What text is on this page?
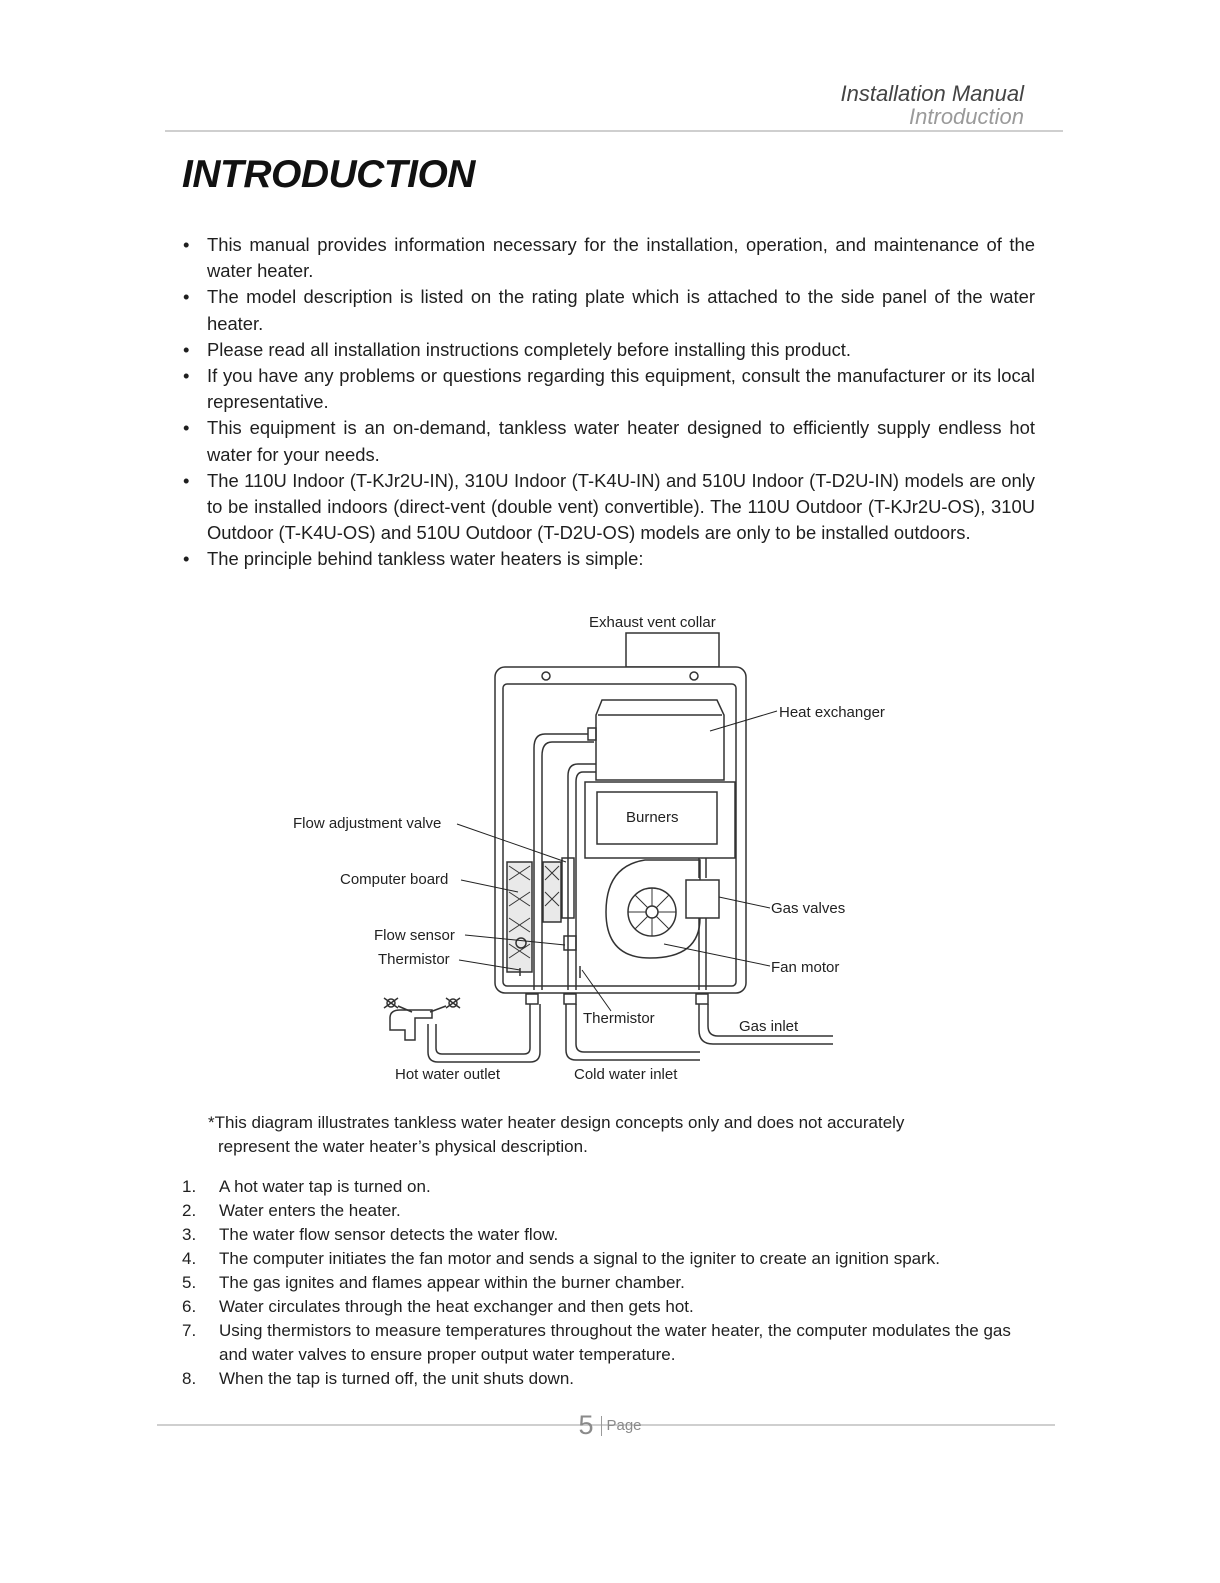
Installation Manual
Introduction
INTRODUCTION
• This manual provides information necessary for the installation, operation, and maintenance of the water heater.
• The model description is listed on the rating plate which is attached to the side panel of the water heater.
• Please read all installation instructions completely before installing this product.
• If you have any problems or questions regarding this equipment, consult the manufacturer or its local representative.
• This equipment is an on-demand, tankless water heater designed to efficiently supply endless hot water for your needs.
• The 110U Indoor (T-KJr2U-IN), 310U Indoor (T-K4U-IN) and 510U Indoor (T-D2U-IN) models are only to be installed indoors (direct-vent (double vent) convertible). The 110U Outdoor (T-KJr2U-OS), 310U Outdoor (T-K4U-OS) and 510U Outdoor (T-D2U-OS) models are only to be installed outdoors.
• The principle behind tankless water heaters is simple:
Exhaust vent collar
Heat exchanger
Burners
Flow adjustment valve
Computer board
Gas valves
Flow sensor
Thermistor	Fan motor
Thermistor	Gas inlet
Hot water outlet	Cold water inlet
*This diagram illustrates tankless water heater design concepts only and does not accurately
represent the water heater’s physical description.
1. A hot water tap is turned on.
2. Water enters the heater.
3. The water flow sensor detects the water flow.
4. The computer initiates the fan motor and sends a signal to the igniter to create an ignition spark.
5. The gas ignites and flames appear within the burner chamber.
6. Water circulates through the heat exchanger and then gets hot.
7. Using thermistors to measure temperatures throughout the water heater, the computer modulates the gas and water valves to ensure proper output water temperature.
8. When the tap is turned off, the unit shuts down.
5 Page
